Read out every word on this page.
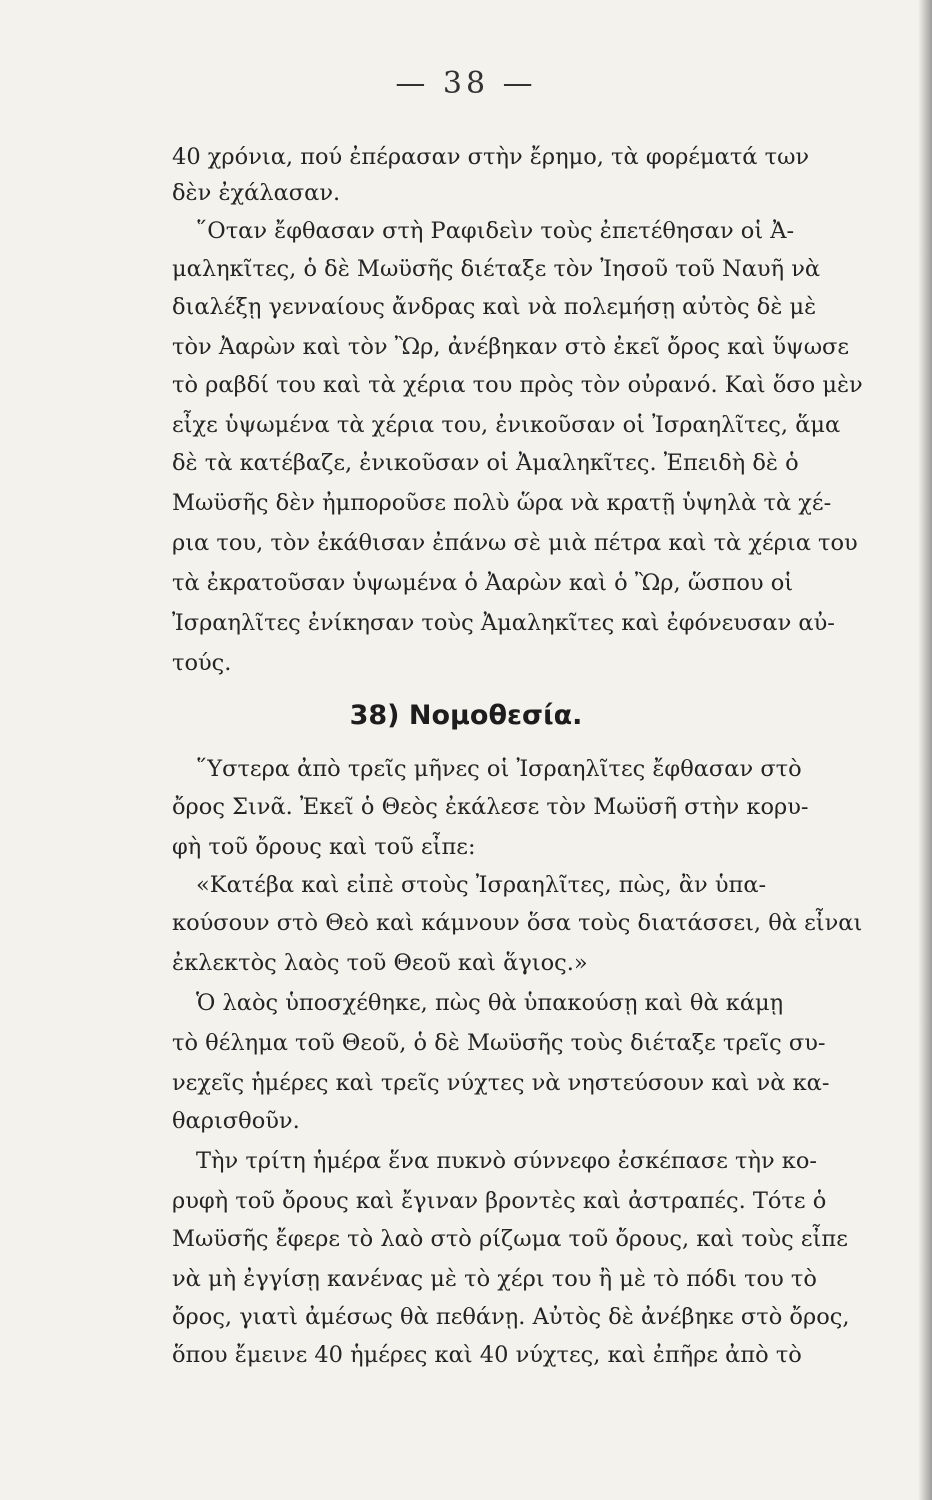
— 38 —
40 χρόνια, πού ἐπέρασαν στὴν ἔρημο, τὰ φορέματά των
δὲν ἐχάλασαν.
῞Οταν ἔφθασαν στὴ Ραφιδεὶν τοὺς ἐπετέθησαν οἱ Ἀ-
μαληκῖτες, ὁ δὲ Μωϋσῆς διέταξε τὸν Ἰησοῦ τοῦ Ναυῆ νὰ
διαλέξῃ γενναίους ἄνδρας καὶ νὰ πολεμήσῃ αὐτὸς δὲ μὲ
τὸν Ἀαρὼν καὶ τὸν Ὢρ, ἀνέβηκαν στὸ ἐκεῖ ὄρος καὶ ὕψωσε
τὸ ραβδί του καὶ τὰ χέρια του πρὸς τὸν οὐρανό. Καὶ ὅσο μὲν
εἶχε ὑψωμένα τὰ χέρια του, ἐνικοῦσαν οἱ Ἰσραηλῖτες, ἅμα
δὲ τὰ κατέβαζε, ἐνικοῦσαν οἱ Ἀμαληκῖτες. Ἐπειδὴ δὲ ὁ
Μωϋσῆς δὲν ἠμποροῦσε πολὺ ὥρα νὰ κρατῇ ὑψηλὰ τὰ χέ-
ρια του, τὸν ἐκάθισαν ἐπάνω σὲ μιὰ πέτρα καὶ τὰ χέρια του
τὰ ἐκρατοῦσαν ὑψωμένα ὁ Ἀαρὼν καὶ ὁ Ὢρ, ὥσπου οἱ
Ἰσραηλῖτες ἐνίκησαν τοὺς Ἀμαληκῖτες καὶ ἐφόνευσαν αὐ-
τούς.
38) Νομοθεσία.
῞Υστερα ἀπὸ τρεῖς μῆνες οἱ Ἰσραηλῖτες ἔφθασαν στὸ
ὄρος Σινᾶ. Ἐκεῖ ὁ Θεὸς ἐκάλεσε τὸν Μωϋσῆ στὴν κορυ-
φὴ τοῦ ὄρους καὶ τοῦ εἶπε:
«Κατέβα καὶ εἰπὲ στοὺς Ἰσραηλῖτες, πὼς, ἂν ὑπα-
κούσουν στὸ Θεὸ καὶ κάμνουν ὅσα τοὺς διατάσσει, θὰ εἶναι
ἐκλεκτὸς λαὸς τοῦ Θεοῦ καὶ ἅγιος.»
Ὁ λαὸς ὑποσχέθηκε, πὼς θὰ ὑπακούσῃ καὶ θὰ κάμῃ
τὸ θέλημα τοῦ Θεοῦ, ὁ δὲ Μωϋσῆς τοὺς διέταξε τρεῖς συ-
νεχεῖς ἡμέρες καὶ τρεῖς νύχτες νὰ νηστεύσουν καὶ νὰ κα-
θαρισθοῦν.
Τὴν τρίτη ἡμέρα ἕνα πυκνὸ σύννεφο ἐσκέπασε τὴν κο-
ρυφὴ τοῦ ὄρους καὶ ἔγιναν βροντὲς καὶ ἀστραπές. Τότε ὁ
Μωϋσῆς ἔφερε τὸ λαὸ στὸ ρίζωμα τοῦ ὄρους, καὶ τοὺς εἶπε
νὰ μὴ ἐγγίσῃ κανένας μὲ τὸ χέρι του ἢ μὲ τὸ πόδι του τὸ
ὄρος, γιατὶ ἀμέσως θὰ πεθάνῃ. Αὐτὸς δὲ ἀνέβηκε στὸ ὄρος,
ὅπου ἔμεινε 40 ἡμέρες καὶ 40 νύχτες, καὶ ἐπῆρε ἀπὸ τὸ
